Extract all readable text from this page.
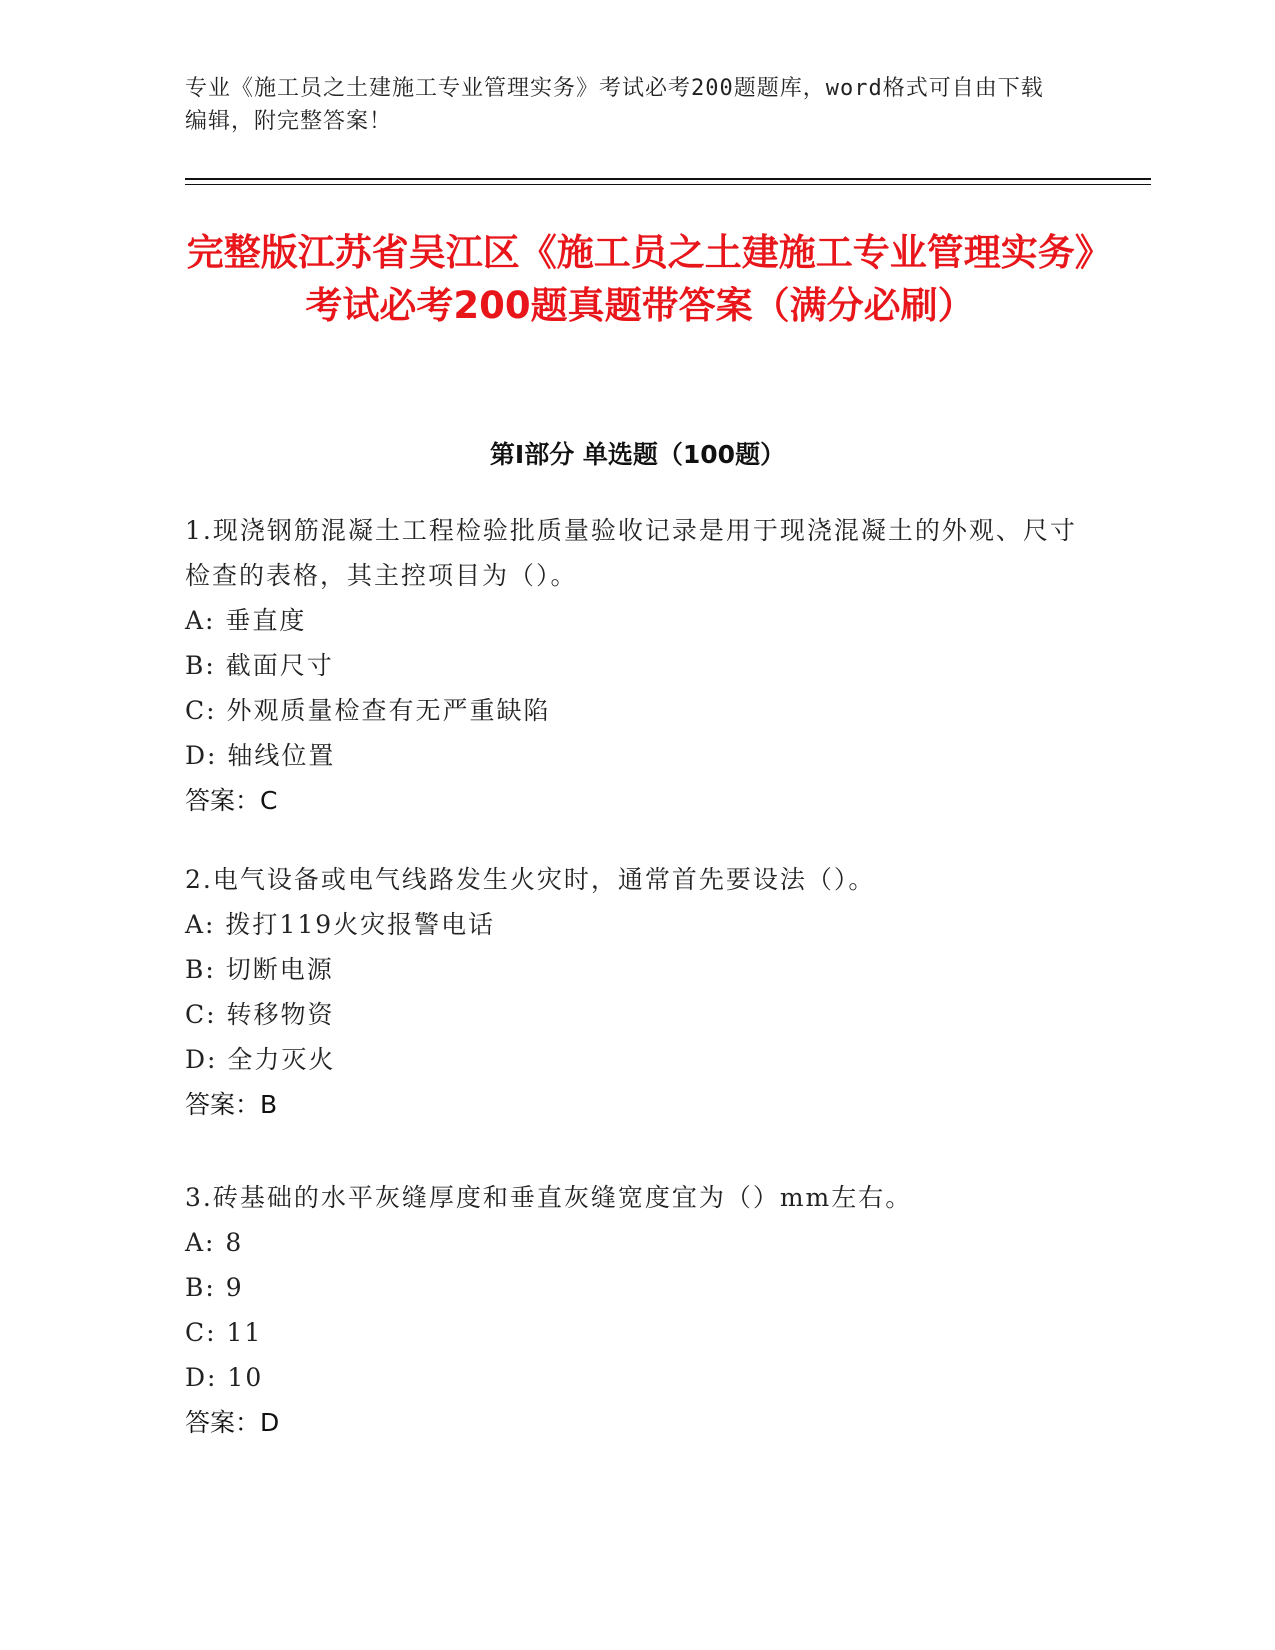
专业《施工员之土建施工专业管理实务》考试必考200题题库，word格式可自由下载编辑，附完整答案！
完整版江苏省吴江区《施工员之土建施工专业管理实务》考试必考200题真题带答案（满分必刷）
第Ⅰ部分 单选题（100题）

1.现浇钢筋混凝土工程检验批质量验收记录是用于现浇混凝土的外观、尺寸检查的表格，其主控项目为（）。

A: 垂直度
B: 截面尺寸
C: 外观质量检查有无严重缺陷
D: 轴线位置

答案：C

2.电气设备或电气线路发生火灾时，通常首先要设法（）。

A: 拨打119火灾报警电话
B: 切断电源
C: 转移物资
D: 全力灭火

答案：B

3.砖基础的水平灰缝厚度和垂直灰缝宽度宜为（）mm左右。

A: 8
B: 9
C: 11
D: 10

答案：D
